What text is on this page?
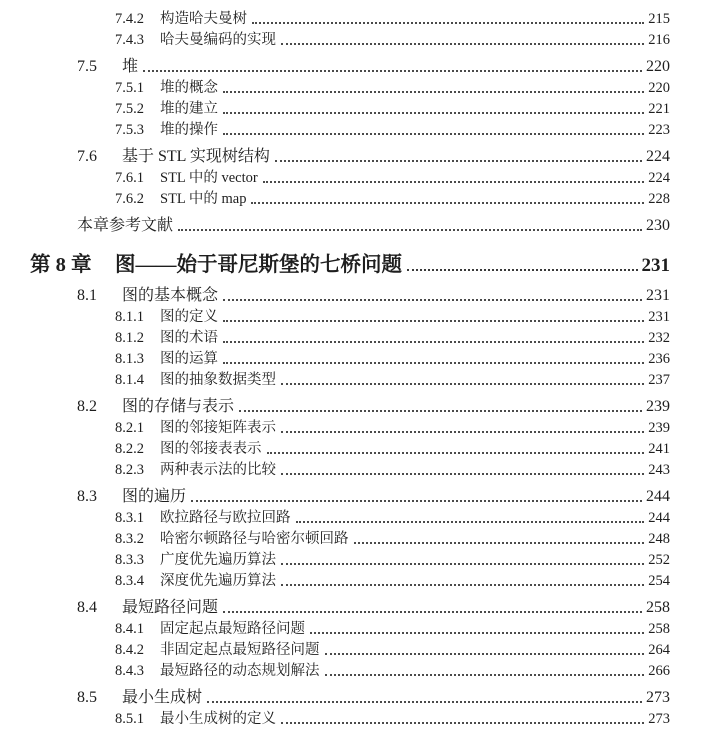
7.4.2	构造哈夫曼树	215
7.4.3	哈夫曼编码的实现	216
7.5	堆	220
7.5.1	堆的概念	220
7.5.2	堆的建立	221
7.5.3	堆的操作	223
7.6	基于 STL 实现树结构	224
7.6.1	STL 中的 vector	224
7.6.2	STL 中的 map	228
本章参考文献	230
第 8 章	图——始于哥尼斯堡的七桥问题	231
8.1	图的基本概念	231
8.1.1	图的定义	231
8.1.2	图的术语	232
8.1.3	图的运算	236
8.1.4	图的抽象数据类型	237
8.2	图的存储与表示	239
8.2.1	图的邻接矩阵表示	239
8.2.2	图的邻接表表示	241
8.2.3	两种表示法的比较	243
8.3	图的遍历	244
8.3.1	欧拉路径与欧拉回路	244
8.3.2	哈密尔顿路径与哈密尔顿回路	248
8.3.3	广度优先遍历算法	252
8.3.4	深度优先遍历算法	254
8.4	最短路径问题	258
8.4.1	固定起点最短路径问题	258
8.4.2	非固定起点最短路径问题	264
8.4.3	最短路径的动态规划解法	266
8.5	最小生成树	273
8.5.1	最小生成树的定义	273
